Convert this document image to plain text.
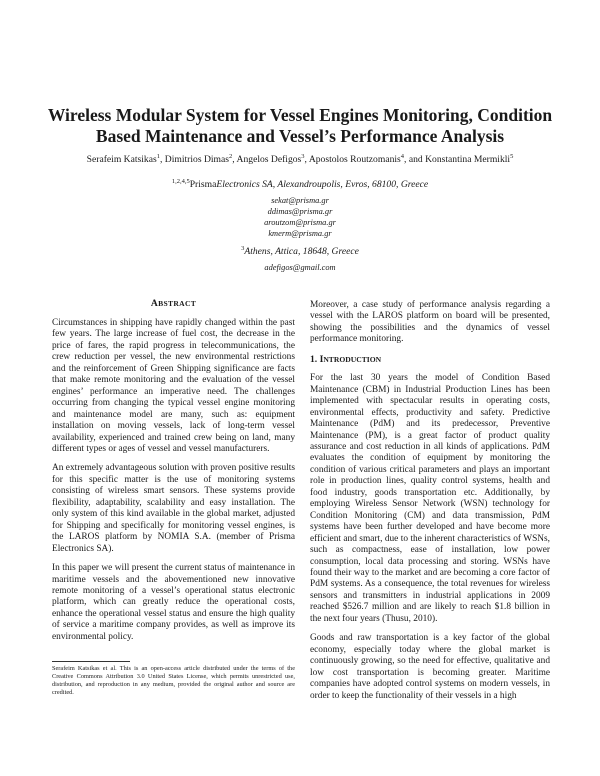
Wireless Modular System for Vessel Engines Monitoring, Condition Based Maintenance and Vessel’s Performance Analysis
Serafeim Katsikas$^1$, Dimitrios Dimas$^2$, Angelos Defigos$^3$, Apostolos Routzomanis$^4$, and Konstantina Mermikli$^5$
$^{1,2,4,5}$PrismaElectronics SA, Alexandroupolis, Evros, 68100, Greece
sekat@prisma.gr
ddimas@prisma.gr
aroutzom@prisma.gr
kmerm@prisma.gr
$^3$Athens, Attica, 18648, Greece
adefigos@gmail.com
ABSTRACT

Circumstances in shipping have rapidly changed within the past few years. The large increase of fuel cost, the decrease in the price of fares, the rapid progress in telecommunications, the crew reduction per vessel, the new environmental restrictions and the reinforcement of Green Shipping significance are facts that make remote monitoring and the evaluation of the vessel engines’ performance an imperative need. The challenges occurring from changing the typical vessel engine monitoring and maintenance model are many, such as: equipment installation on moving vessels, lack of long-term vessel availability, experienced and trained crew being on land, many different types or ages of vessel and vessel manufacturers.

An extremely advantageous solution with proven positive results for this specific matter is the use of monitoring systems consisting of wireless smart sensors. These systems provide flexibility, adaptability, scalability and easy installation. The only system of this kind available in the global market, adjusted for Shipping and specifically for monitoring vessel engines, is the LAROS platform by NOMIA S.A. (member of Prisma Electronics SA).

In this paper we will present the current status of maintenance in maritime vessels and the abovementioned new innovative remote monitoring of a vessel’s operational status electronic platform, which can greatly reduce the operational costs, enhance the operational vessel status and ensure the high quality of service a maritime company provides, as well as improve its environmental policy.

Moreover, a case study of performance analysis regarding a vessel with the LAROS platform on board will be presented, showing the possibilities and the dynamics of vessel performance monitoring.

1. INTRODUCTION

For the last 30 years the model of Condition Based Maintenance (CBM) in Industrial Production Lines has been implemented with spectacular results in operating costs, environmental effects, productivity and safety. Predictive Maintenance (PdM) and its predecessor, Preventive Maintenance (PM), is a great factor of product quality assurance and cost reduction in all kinds of applications. PdM evaluates the condition of equipment by monitoring the condition of various critical parameters and plays an important role in production lines, quality control systems, health and food industry, goods transportation etc. Additionally, by employing Wireless Sensor Network (WSN) technology for Condition Monitoring (CM) and data transmission, PdM systems have been further developed and have become more efficient and smart, due to the inherent characteristics of WSNs, such as compactness, ease of installation, low power consumption, local data processing and storing. WSNs have found their way to the market and are becoming a core factor of PdM systems. As a consequence, the total revenues for wireless sensors and transmitters in industrial applications in 2009 reached $526.7 million and are likely to reach $1.8 billion in the next four years (Thusu, 2010).

Goods and raw transportation is a key factor of the global economy, especially today where the global market is continuously growing, so the need for effective, qualitative and low cost transportation is becoming greater. Maritime companies have adopted control systems on modern vessels, in order to keep the functionality of their vessels in a high

Serafeim Katsikas et al. This is an open-access article distributed under the terms of the Creative Commons Attribution 3.0 United States License, which permits unrestricted use, distribution, and reproduction in any medium, provided the original author and source are credited.
